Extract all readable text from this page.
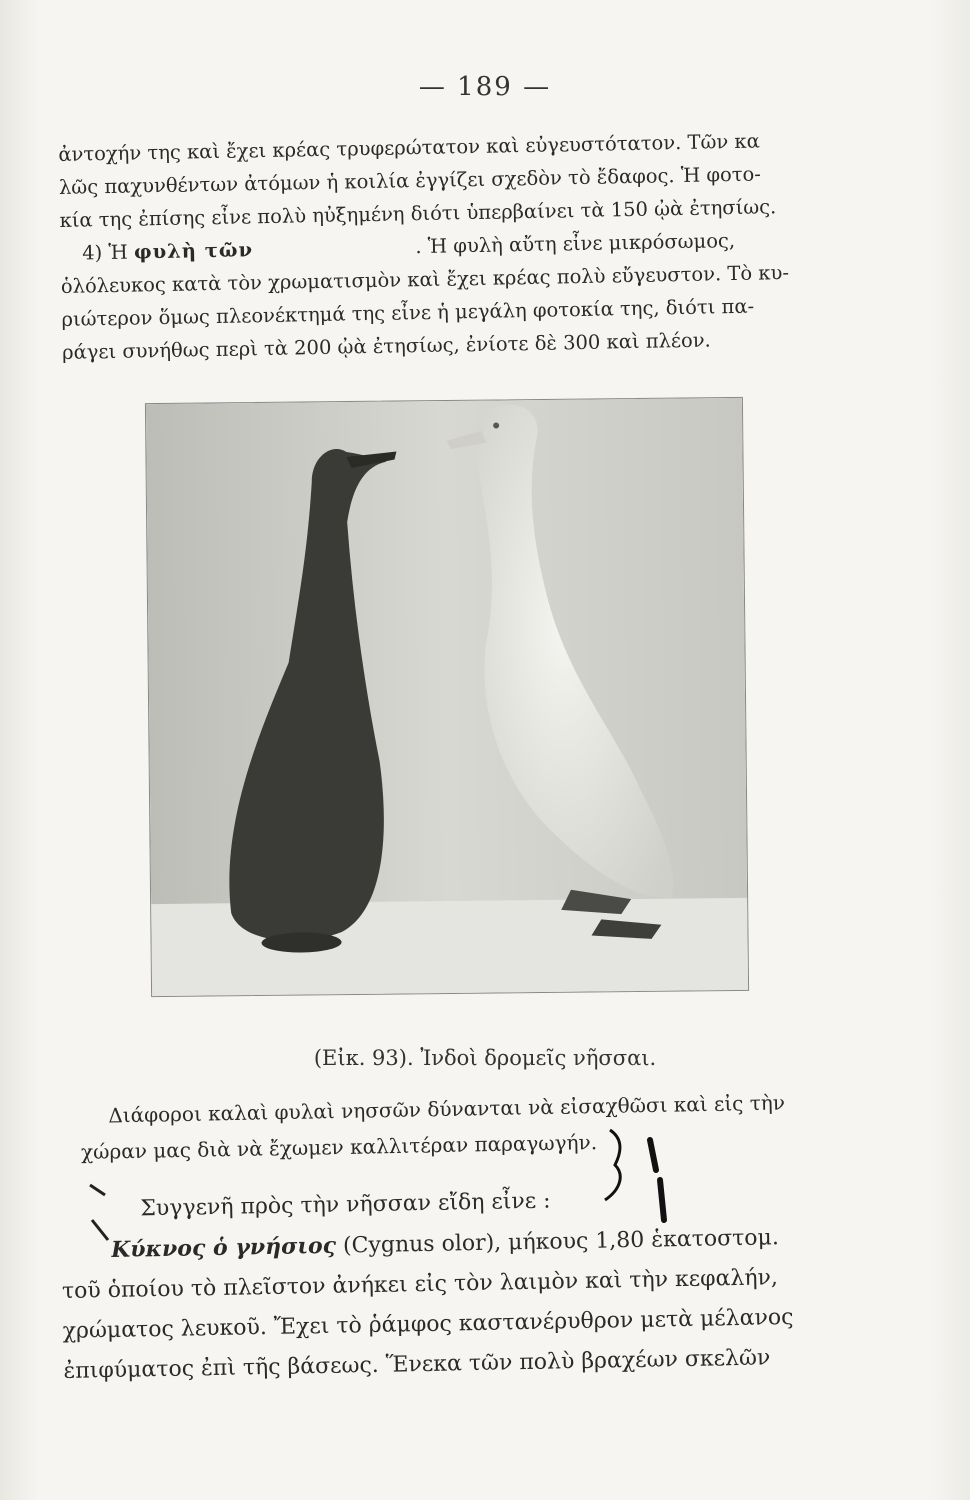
— 189 —
ἀντοχήν της καὶ ἔχει κρέας τρυφερώτατον καὶ εὐγευστότατον. Τῶν κα
λῶς παχυνθέντων ἀτόμων ἡ κοιλία ἐγγίζει σχεδὸν τὸ ἔδαφος. Ἡ φοτο-
κία της ἐπίσης εἶνε πολὺ ηὐξημένη διότι ὑπερβαίνει τὰ 150 ᾠὰ ἐτησίως.
4) Ἡ φυλὴ τῶν	. Ἡ φυλὴ αὔτη εἶνε μικρόσωμος,
ὁλόλευκος κατὰ τὸν χρωματισμὸν καὶ ἔχει κρέας πολὺ εὔγευστον. Τὸ κυ-
ριώτερον ὅμως πλεονέκτημά της εἶνε ἡ μεγάλη φοτοκία της, διότι πα-
ράγει συνήθως περὶ τὰ 200 ᾠὰ ἐτησίως, ἐνίοτε δὲ 300 καὶ πλέον.
(Εἰκ. 93). Ἰνδοὶ δρομεῖς νῆσσαι.
Διάφοροι καλαὶ φυλαὶ νησσῶν δύνανται νὰ εἰσαχθῶσι καὶ εἰς τὴν
χώραν μας διὰ νὰ ἔχωμεν καλλιτέραν παραγωγήν.
Συγγενῆ πρὸς τὴν νῆσσαν εἴδη εἶνε :
Κύκνος ὁ γνήσιος (Cygnus olor), μήκους 1,80 ἑκατοστομ.
τοῦ ὁποίου τὸ πλεῖστον ἀνήκει εἰς τὸν λαιμὸν καὶ τὴν κεφαλήν,
χρώματος λευκοῦ. Ἔχει τὸ ῥάμφος καστανέρυθρον μετὰ μέλανος
ἐπιφύματος ἐπὶ τῆς βάσεως. Ἕνεκα τῶν πολὺ βραχέων σκελῶν
